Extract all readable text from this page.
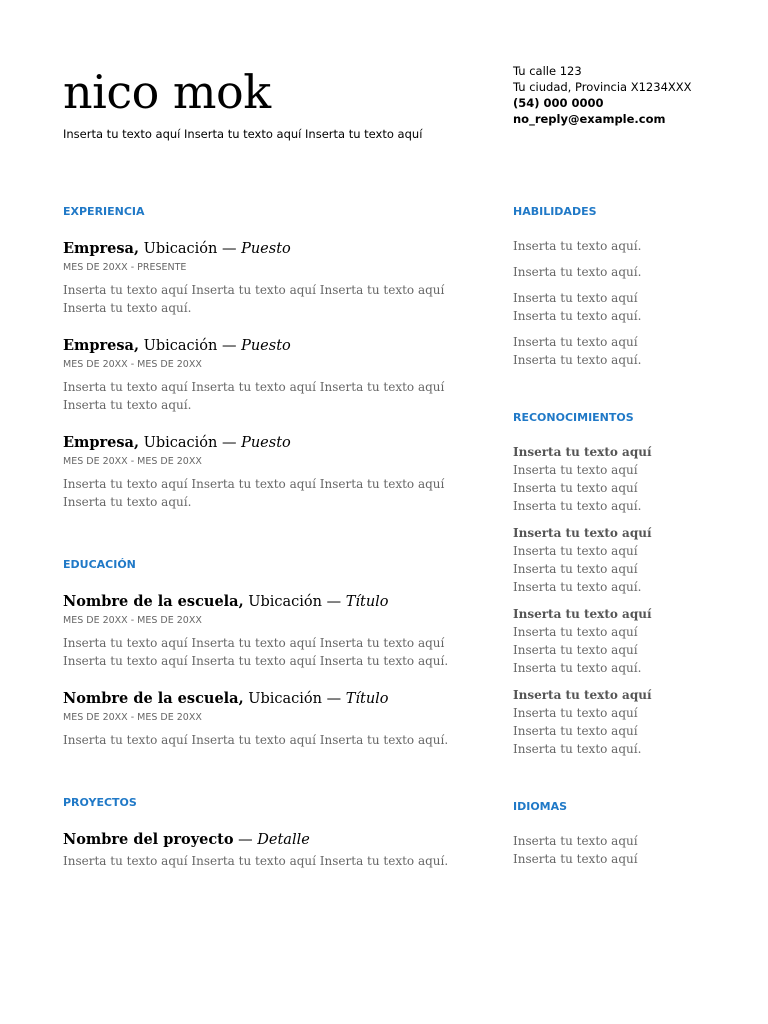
nico mok
Inserta tu texto aquí Inserta tu texto aquí Inserta tu texto aquí
Tu calle 123
Tu ciudad, Provincia X1234XXX
(54) 000 0000
no_reply@example.com
EXPERIENCIA
Empresa, Ubicación — Puesto
MES DE 20XX - PRESENTE
Inserta tu texto aquí Inserta tu texto aquí Inserta tu texto aquí Inserta tu texto aquí.
Empresa, Ubicación — Puesto
MES DE 20XX - MES DE 20XX
Inserta tu texto aquí Inserta tu texto aquí Inserta tu texto aquí Inserta tu texto aquí.
Empresa, Ubicación — Puesto
MES DE 20XX - MES DE 20XX
Inserta tu texto aquí Inserta tu texto aquí Inserta tu texto aquí Inserta tu texto aquí.
EDUCACIÓN
Nombre de la escuela, Ubicación — Título
MES DE 20XX - MES DE 20XX
Inserta tu texto aquí Inserta tu texto aquí Inserta tu texto aquí Inserta tu texto aquí Inserta tu texto aquí Inserta tu texto aquí.
Nombre de la escuela, Ubicación — Título
MES DE 20XX - MES DE 20XX
Inserta tu texto aquí Inserta tu texto aquí Inserta tu texto aquí.
PROYECTOS
Nombre del proyecto — Detalle
Inserta tu texto aquí Inserta tu texto aquí Inserta tu texto aquí.
HABILIDADES
Inserta tu texto aquí.
Inserta tu texto aquí.
Inserta tu texto aquí Inserta tu texto aquí.
Inserta tu texto aquí Inserta tu texto aquí.
RECONOCIMIENTOS
Inserta tu texto aquí Inserta tu texto aquí Inserta tu texto aquí Inserta tu texto aquí.
Inserta tu texto aquí Inserta tu texto aquí Inserta tu texto aquí Inserta tu texto aquí.
Inserta tu texto aquí Inserta tu texto aquí Inserta tu texto aquí Inserta tu texto aquí.
Inserta tu texto aquí Inserta tu texto aquí Inserta tu texto aquí Inserta tu texto aquí.
IDIOMAS
Inserta tu texto aquí Inserta tu texto aquí
